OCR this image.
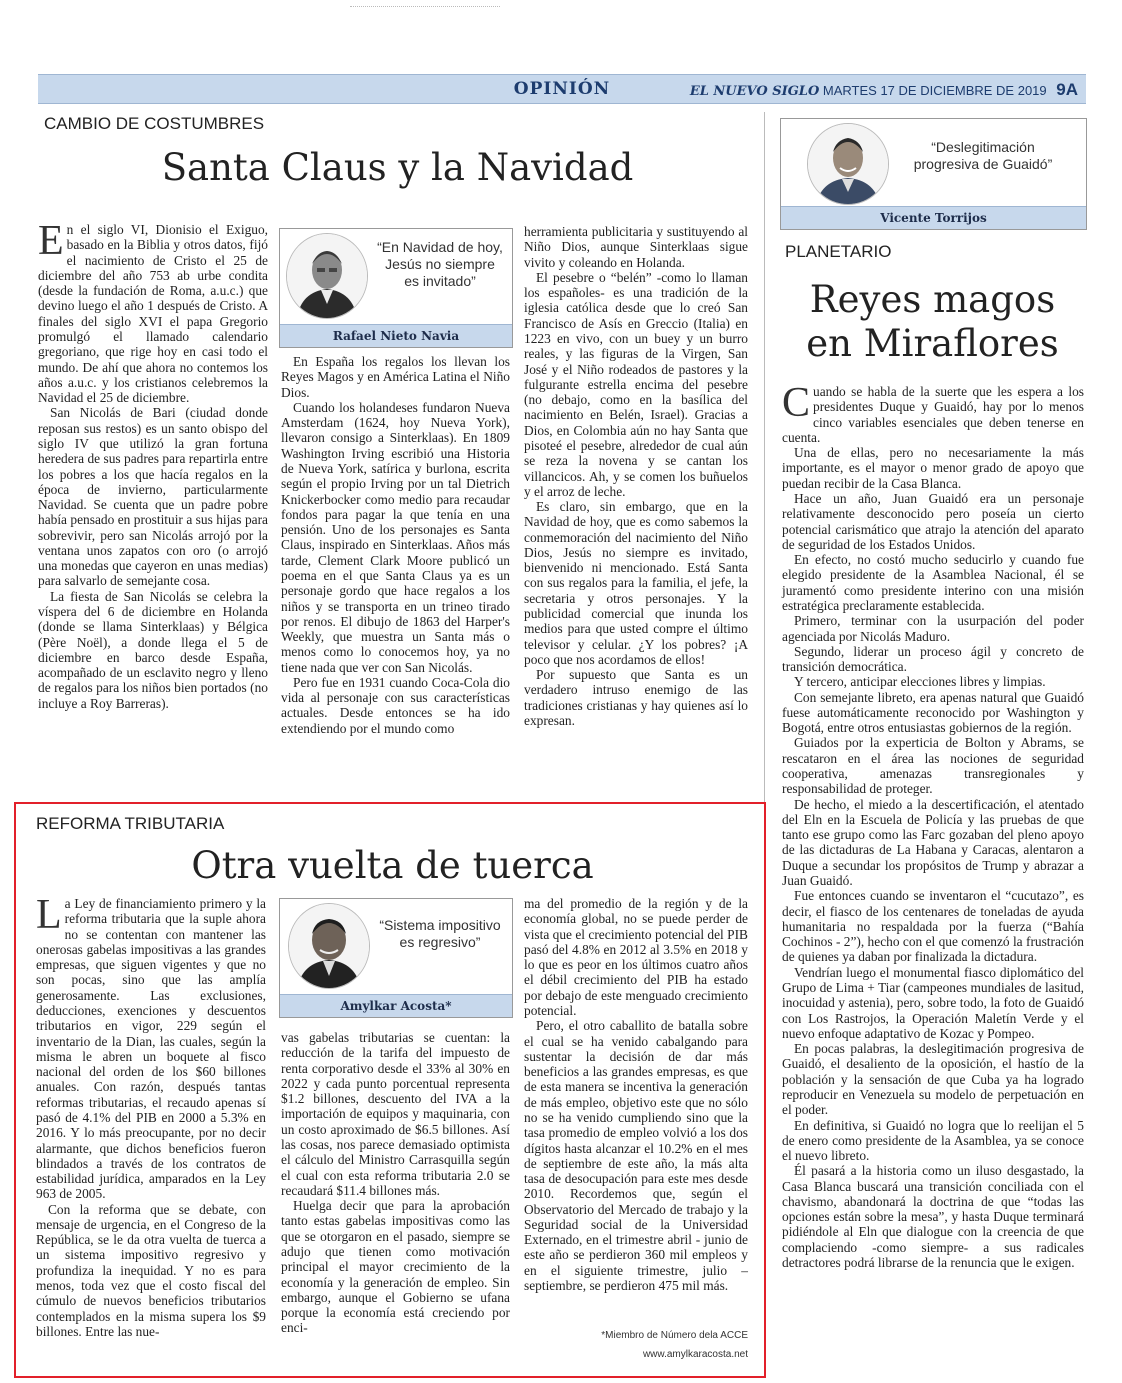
OPINIÓN	EL NUEVO SIGLO MARTES 17 DE DICIEMBRE DE 2019 9A
CAMBIO DE COSTUMBRES
Santa Claus y la Navidad

En el siglo VI, Dionisio el Exiguo, basado en la Biblia y otros datos, fijó el nacimiento de Cristo el 25 de diciembre del año 753 ab urbe condita (desde la fundación de Roma, a.u.c.) que devino luego el año 1 después de Cristo. A finales del siglo XVI el papa Gregorio promulgó el llamado calendario gregoriano, que rige hoy en casi todo el mundo. De ahí que ahora no contemos los años a.u.c. y los cristianos celebremos la Navidad el 25 de diciembre.

San Nicolás de Bari (ciudad donde reposan sus restos) es un santo obispo del siglo IV que utilizó la gran fortuna heredera de sus padres para repartirla entre los pobres a los que hacía regalos en la época de invierno, particularmente Navidad. Se cuenta que un padre pobre había pensado en prostituir a sus hijas para sobrevivir, pero san Nicolás arrojó por la ventana unos zapatos con oro (o arrojó una monedas que cayeron en unas medias) para salvarlo de semejante cosa.

La fiesta de San Nicolás se celebra la víspera del 6 de diciembre en Holanda (donde se llama Sinterklaas) y Bélgica (Père Noël), a donde llega el 5 de diciembre en barco desde España, acompañado de un esclavito negro y lleno de regalos para los niños bien portados (no incluye a Roy Barreras).

“En Navidad de hoy, Jesús no siempre es invitado”
Rafael Nieto Navia

En España los regalos los llevan los Reyes Magos y en América Latina el Niño Dios.

Cuando los holandeses fundaron Nueva Amsterdam (1624, hoy Nueva York), llevaron consigo a Sinterklaas). En 1809 Washington Irving escribió una Historia de Nueva York, satírica y burlona, escrita según el propio Irving por un tal Dietrich Knickerbocker como medio para recaudar fondos para pagar la que tenía en una pensión. Uno de los personajes es Santa Claus, inspirado en Sinterklaas. Años más tarde, Clement Clark Moore publicó un poema en el que Santa Claus ya es un personaje gordo que hace regalos a los niños y se transporta en un trineo tirado por renos. El dibujo de 1863 del Harper's Weekly, que muestra un Santa más o menos como lo conocemos hoy, ya no tiene nada que ver con San Nicolás.

Pero fue en 1931 cuando Coca-Cola dio vida al personaje con sus características actuales. Desde entonces se ha ido extendiendo por el mundo como

herramienta publicitaria y sustituyendo al Niño Dios, aunque Sinterklaas sigue vivito y coleando en Holanda.

El pesebre o “belén” -como lo llaman los españoles- es una tradición de la iglesia católica desde que lo creó San Francisco de Asís en Greccio (Italia) en 1223 en vivo, con un buey y un burro reales, y las figuras de la Virgen, San José y el Niño rodeados de pastores y la fulgurante estrella encima del pesebre (no debajo, como en la basílica del nacimiento en Belén, Israel). Gracias a Dios, en Colombia aún no hay Santa que pisoteé el pesebre, alrededor de cual aún se reza la novena y se cantan los villancicos. Ah, y se comen los buñuelos y el arroz de leche.

Es claro, sin embargo, que en la Navidad de hoy, que es como sabemos la conmemoración del nacimiento del Niño Dios, Jesús no siempre es invitado, bienvenido ni mencionado. Está Santa con sus regalos para la familia, el jefe, la secretaria y otros personajes. Y la publicidad comercial que inunda los medios para que usted compre el último televisor y celular. ¿Y los pobres? ¡A poco que nos acordamos de ellos!

Por supuesto que Santa es un verdadero intruso enemigo de las tradiciones cristianas y hay quienes así lo expresan.

“Deslegitimación progresiva de Guaidó”
Vicente Torrijos
PLANETARIO
Reyes magos
en Miraflores

Cuando se habla de la suerte que les espera a los presidentes Duque y Guaidó, hay por lo menos cinco variables esenciales que deben tenerse en cuenta.

Una de ellas, pero no necesariamente la más importante, es el mayor o menor grado de apoyo que puedan recibir de la Casa Blanca.

Hace un año, Juan Guaidó era un personaje relativamente desconocido pero poseía un cierto potencial carismático que atrajo la atención del aparato de seguridad de los Estados Unidos.

En efecto, no costó mucho seducirlo y cuando fue elegido presidente de la Asamblea Nacional, él se juramentó como presidente interino con una misión estratégica preclaramente establecida.

Primero, terminar con la usurpación del poder agenciada por Nicolás Maduro.

Segundo, liderar un proceso ágil y concreto de transición democrática.

Y tercero, anticipar elecciones libres y limpias.

Con semejante libreto, era apenas natural que Guaidó fuese automáticamente reconocido por Washington y Bogotá, entre otros entusiastas gobiernos de la región.

Guiados por la experticia de Bolton y Abrams, se rescataron en el área las nociones de seguridad cooperativa, amenazas transregionales y responsabilidad de proteger.

De hecho, el miedo a la descertificación, el atentado del Eln en la Escuela de Policía y las pruebas de que tanto ese grupo como las Farc gozaban del pleno apoyo de las dictaduras de La Habana y Caracas, alentaron a Duque a secundar los propósitos de Trump y abrazar a Juan Guaidó.

Fue entonces cuando se inventaron el “cucutazo”, es decir, el fiasco de los centenares de toneladas de ayuda humanitaria no respaldada por la fuerza (“Bahía Cochinos - 2”), hecho con el que comenzó la frustración de quienes ya daban por finalizada la dictadura.

Vendrían luego el monumental fiasco diplomático del Grupo de Lima + Tiar (campeones mundiales de lasitud, inocuidad y astenia), pero, sobre todo, la foto de Guaidó con Los Rastrojos, la Operación Maletín Verde y el nuevo enfoque adaptativo de Kozac y Pompeo.

En pocas palabras, la deslegitimación progresiva de Guaidó, el desaliento de la oposición, el hastío de la población y la sensación de que Cuba ya ha logrado reproducir en Venezuela su modelo de perpetuación en el poder.

En definitiva, si Guaidó no logra que lo reelijan el 5 de enero como presidente de la Asamblea, ya se conoce el nuevo libreto.

Él pasará a la historia como un iluso desgastado, la Casa Blanca buscará una transición conciliada con el chavismo, abandonará la doctrina de que “todas las opciones están sobre la mesa”, y hasta Duque terminará pidiéndole al Eln que dialogue con la creencia de que complaciendo -como siempre- a sus radicales detractores podrá librarse de la renuncia que le exigen.

REFORMA TRIBUTARIA
Otra vuelta de tuerca

La Ley de financiamiento primero y la reforma tributaria que la suple ahora no se contentan con mantener las onerosas gabelas impositivas a las grandes empresas, que siguen vigentes y que no son pocas, sino que las amplía generosamente. Las exclusiones, deducciones, exenciones y descuentos tributarios en vigor, 229 según el inventario de la Dian, las cuales, según la misma le abren un boquete al fisco nacional del orden de los $60 billones anuales. Con razón, después tantas reformas tributarias, el recaudo apenas sí pasó de 4.1% del PIB en 2000 a 5.3% en 2016. Y lo más preocupante, por no decir alarmante, que dichos beneficios fueron blindados a través de los contratos de estabilidad jurídica, amparados en la Ley 963 de 2005.

Con la reforma que se debate, con mensaje de urgencia, en el Congreso de la República, se le da otra vuelta de tuerca a un sistema impositivo regresivo y profundiza la inequidad. Y no es para menos, toda vez que el costo fiscal del cúmulo de nuevos beneficios tributarios contemplados en la misma supera los $9 billones. Entre las nue-

“Sistema impositivo es regresivo”
Amylkar Acosta*

vas gabelas tributarias se cuentan: la reducción de la tarifa del impuesto de renta corporativo desde el 33% al 30% en 2022 y cada punto porcentual representa $1.2 billones, descuento del IVA a la importación de equipos y maquinaria, con un costo aproximado de $6.5 billones. Así las cosas, nos parece demasiado optimista el cálculo del Ministro Carrasquilla según el cual con esta reforma tributaria 2.0 se recaudará $11.4 billones más.

Huelga decir que para la aprobación tanto estas gabelas impositivas como las que se otorgaron en el pasado, siempre se adujo que tienen como motivación principal el mayor crecimiento de la economía y la generación de empleo. Sin embargo, aunque el Gobierno se ufana porque la economía está creciendo por enci-

ma del promedio de la región y de la economía global, no se puede perder de vista que el crecimiento potencial del PIB pasó del 4.8% en 2012 al 3.5% en 2018 y lo que es peor en los últimos cuatro años el débil crecimiento del PIB ha estado por debajo de este menguado crecimiento potencial.

Pero, el otro caballito de batalla sobre el cual se ha venido cabalgando para sustentar la decisión de dar más beneficios a las grandes empresas, es que de esta manera se incentiva la generación de más empleo, objetivo este que no sólo no se ha venido cumpliendo sino que la tasa promedio de empleo volvió a los dos dígitos hasta alcanzar el 10.2% en el mes de septiembre de este año, la más alta tasa de desocupación para este mes desde 2010. Recordemos que, según el Observatorio del Mercado de trabajo y la Seguridad social de la Universidad Externado, en el trimestre abril - junio de este año se perdieron 360 mil empleos y en el siguiente trimestre, julio – septiembre, se perdieron 475 mil más.

*Miembro de Número dela ACCE
www.amylkaracosta.net
